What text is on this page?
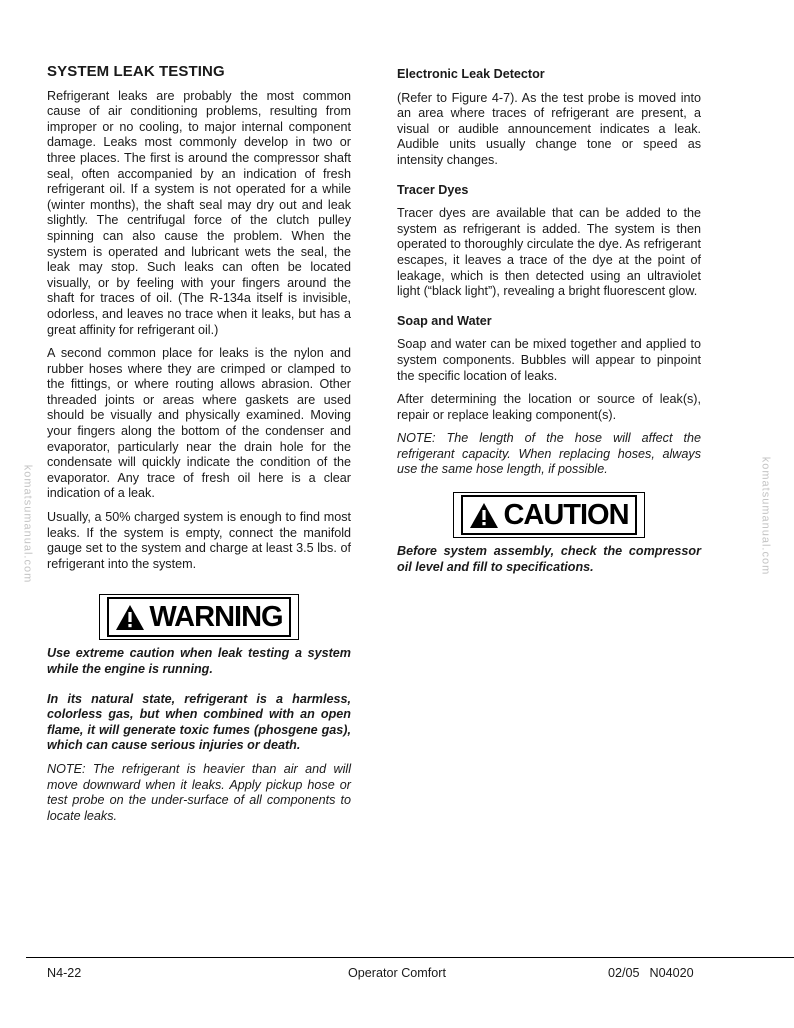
komatsumanual.com	komatsumanual.com
SYSTEM LEAK TESTING

Refrigerant leaks are probably the most common cause of air conditioning problems, resulting from improper or no cooling, to major internal component damage. Leaks most commonly develop in two or three places. The first is around the compressor shaft seal, often accompanied by an indication of fresh refrigerant oil. If a system is not operated for a while (winter months), the shaft seal may dry out and leak slightly. The centrifugal force of the clutch pulley spinning can also cause the problem. When the system is operated and lubricant wets the seal, the leak may stop. Such leaks can often be located visually, or by feeling with your fingers around the shaft for traces of oil. (The R-134a itself is invisible, odorless, and leaves no trace when it leaks, but has a great affinity for refrigerant oil.)

A second common place for leaks is the nylon and rubber hoses where they are crimped or clamped to the fittings, or where routing allows abrasion. Other threaded joints or areas where gaskets are used should be visually and physically examined. Moving your fingers along the bottom of the condenser and evaporator, particularly near the drain hole for the condensate will quickly indicate the condition of the evaporator. Any trace of fresh oil here is a clear indication of a leak.

Usually, a 50% charged system is enough to find most leaks. If the system is empty, connect the manifold gauge set to the system and charge at least 3.5 lbs. of refrigerant into the system.

WARNING

Use extreme caution when leak testing a system while the engine is running.

In its natural state, refrigerant is a harmless, colorless gas, but when combined with an open flame, it will generate toxic fumes (phosgene gas), which can cause serious injuries or death.

NOTE: The refrigerant is heavier than air and will move downward when it leaks. Apply pickup hose or test probe on the under-surface of all components to locate leaks.

Electronic Leak Detector

(Refer to Figure 4-7). As the test probe is moved into an area where traces of refrigerant are present, a visual or audible announcement indicates a leak. Audible units usually change tone or speed as intensity changes.

Tracer Dyes

Tracer dyes are available that can be added to the system as refrigerant is added. The system is then operated to thoroughly circulate the dye. As refrigerant escapes, it leaves a trace of the dye at the point of leakage, which is then detected using an ultraviolet light (“black light”), revealing a bright fluorescent glow.

Soap and Water

Soap and water can be mixed together and applied to system components. Bubbles will appear to pinpoint the specific location of leaks.

After determining the location or source of leak(s), repair or replace leaking component(s).

NOTE: The length of the hose will affect the refrigerant capacity. When replacing hoses, always use the same hose length, if possible.

CAUTION

Before system assembly, check the compressor oil level and fill to specifications.

N4-22	Operator Comfort	02/05 N04020
